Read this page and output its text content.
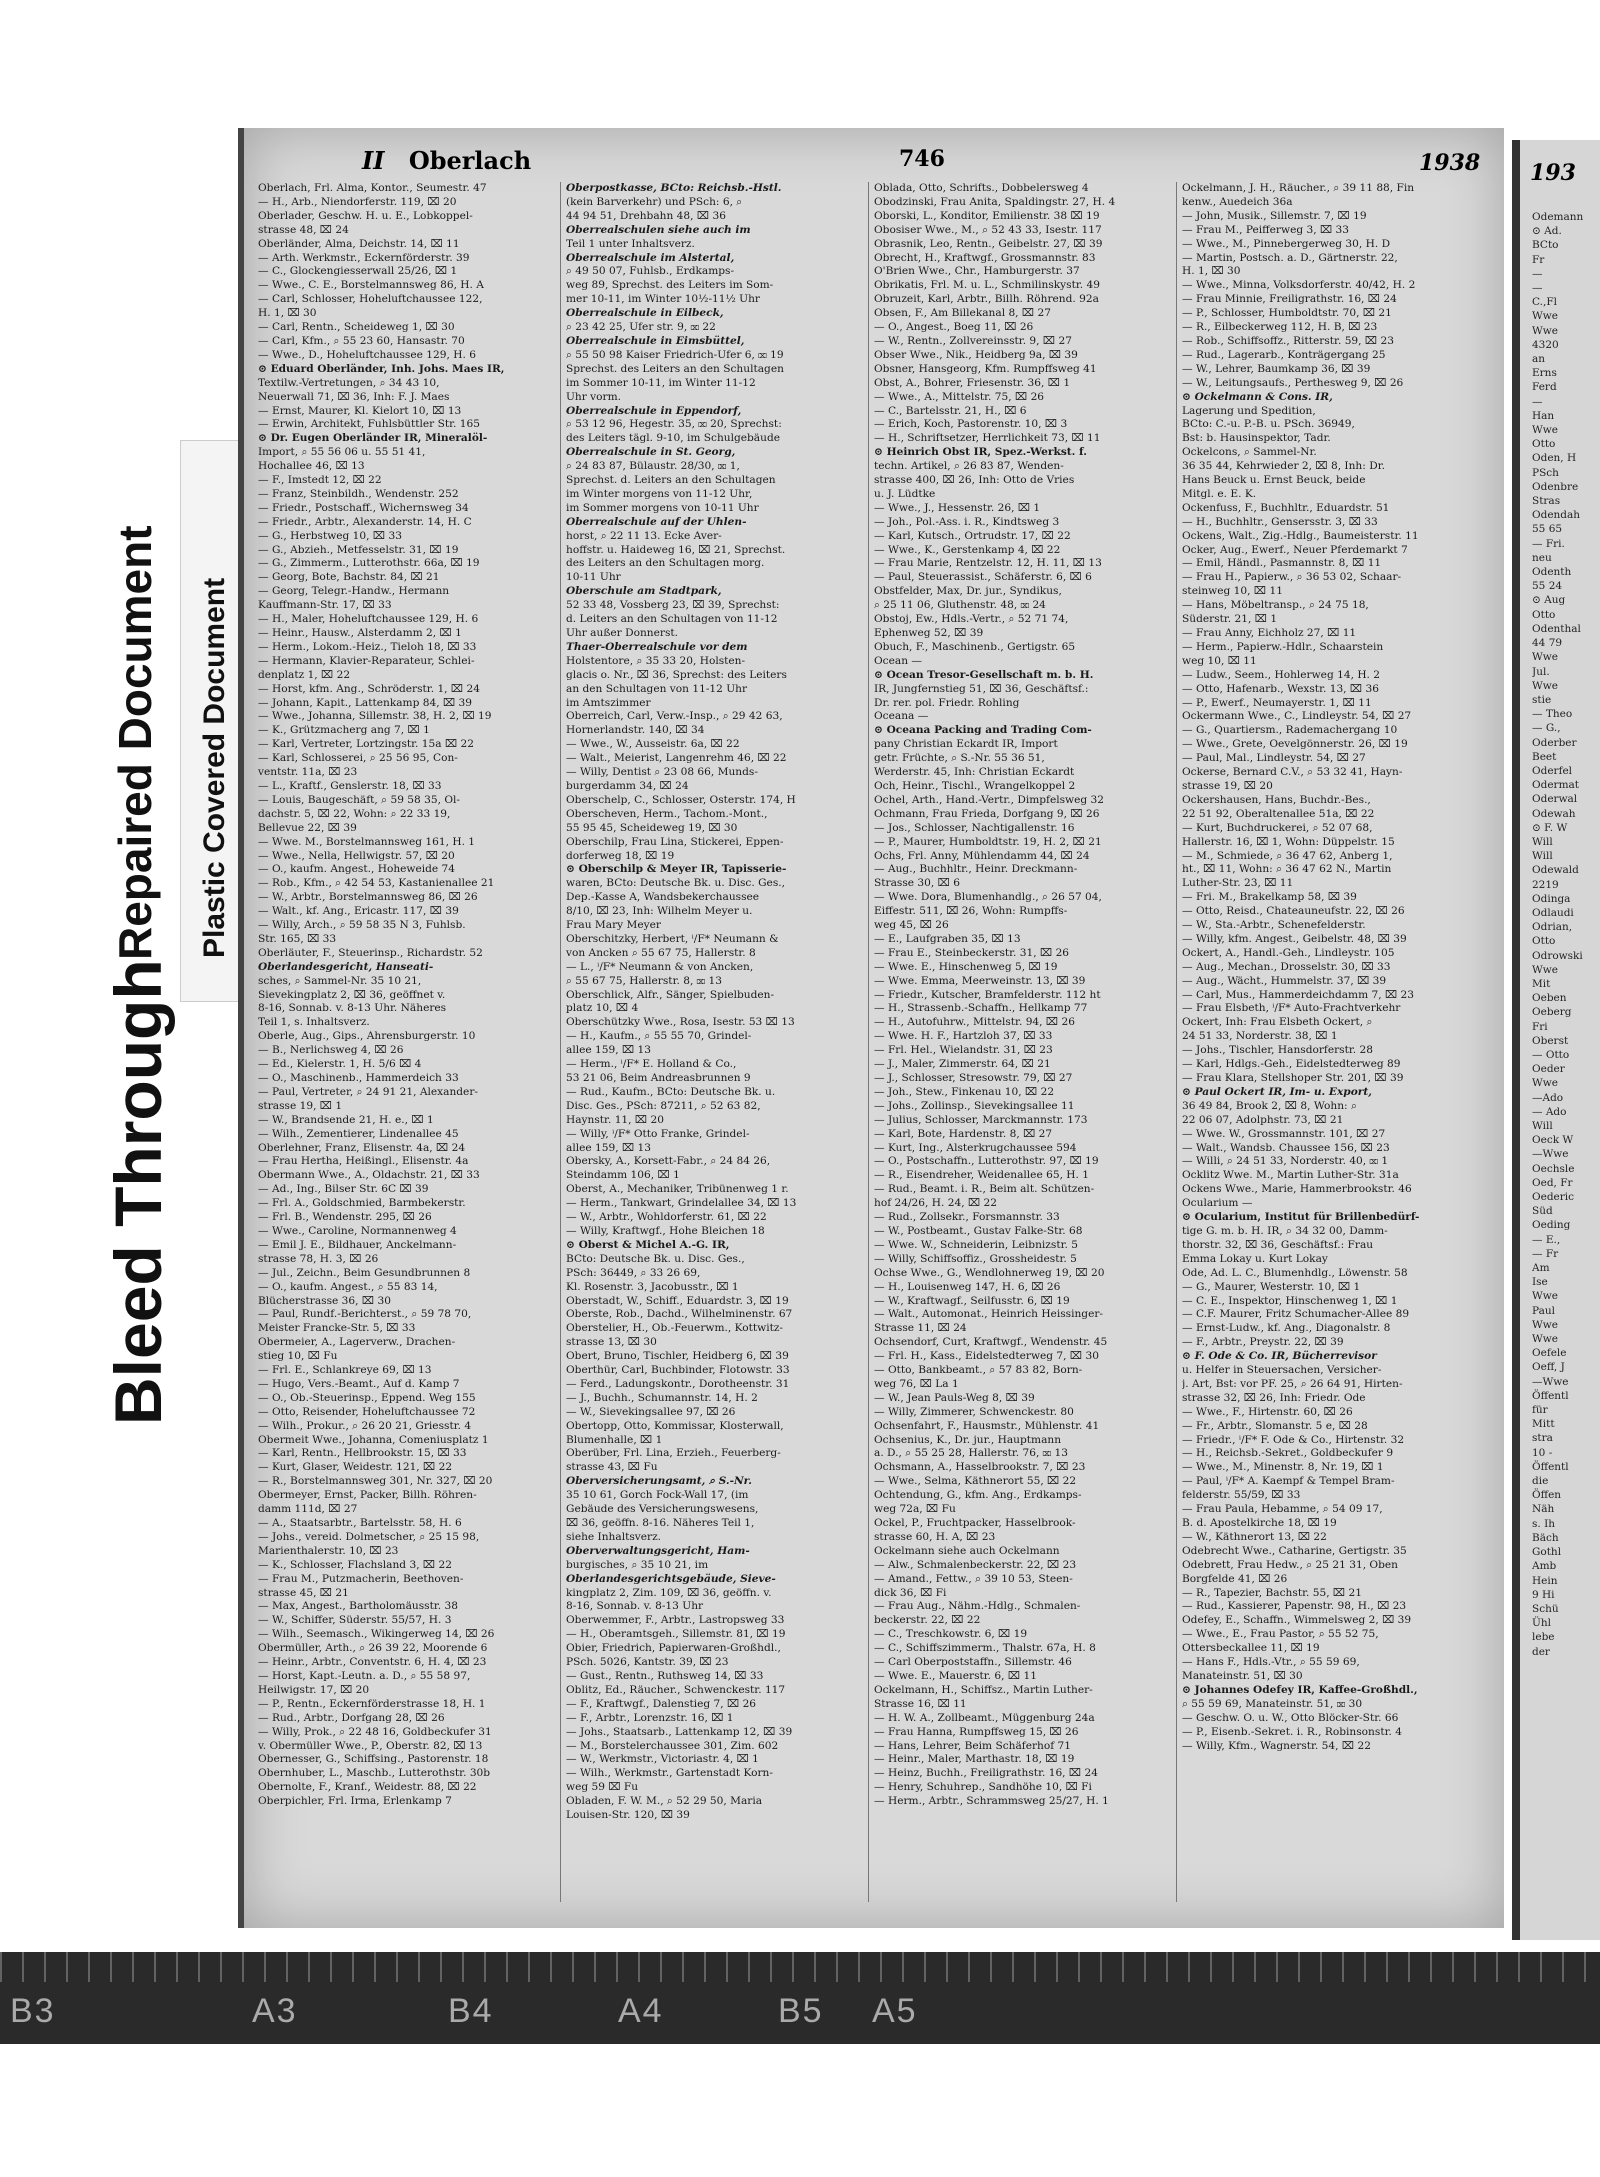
Bleed Through
Repaired Document Plastic Covered Document
II Oberlach	746	1938

Oberlach, Frl. Alma, Kontor., Seumestr. 47

— H., Arb., Niendorferstr. 119, ⌧ 20

Oberlader, Geschw. H. u. E., Lobkoppel-

strasse 48, ⌧ 24

Oberländer, Alma, Deichstr. 14, ⌧ 11

— Arth. Werkmstr., Eckernförderstr. 39

— C., Glockengiesserwall 25/26, ⌧ 1

— Wwe., C. E., Borstelmannsweg 86, H. A

— Carl, Schlosser, Hoheluftchaussee 122,

H. 1, ⌧ 30

— Carl, Rentn., Scheideweg 1, ⌧ 30

— Carl, Kfm., ⌕ 55 23 60, Hansastr. 70

— Wwe., D., Hoheluftchaussee 129, H. 6

⊙ Eduard Oberländer, Inh. Johs. Maes IR,

Textilw.-Vertretungen, ⌕ 34 43 10,

Neuerwall 71, ⌧ 36, Inh: F. J. Maes

— Ernst, Maurer, Kl. Kielort 10, ⌧ 13

— Erwin, Architekt, Fuhlsbüttler Str. 165

⊙ Dr. Eugen Oberländer IR, Mineralöl-

Import, ⌕ 55 56 06 u. 55 51 41,

Hochallee 46, ⌧ 13

— F., Imstedt 12, ⌧ 22

— Franz, Steinbildh., Wendenstr. 252

— Friedr., Postschaff., Wichernsweg 34

— Friedr., Arbtr., Alexanderstr. 14, H. C

— G., Herbstweg 10, ⌧ 33

— G., Abzieh., Metfesselstr. 31, ⌧ 19

— G., Zimmerm., Lutterothstr. 66a, ⌧ 19

— Georg, Bote, Bachstr. 84, ⌧ 21

— Georg, Telegr.-Handw., Hermann

Kauffmann-Str. 17, ⌧ 33

— H., Maler, Hoheluftchaussee 129, H. 6

— Heinr., Hausw., Alsterdamm 2, ⌧ 1

— Herm., Lokom.-Heiz., Tieloh 18, ⌧ 33

— Hermann, Klavier-Reparateur, Schlei-

denplatz 1, ⌧ 22

— Horst, kfm. Ang., Schröderstr. 1, ⌧ 24

— Johann, Kapit., Lattenkamp 84, ⌧ 39

— Wwe., Johanna, Sillemstr. 38, H. 2, ⌧ 19

— K., Grützmacherg ang 7, ⌧ 1

— Karl, Vertreter, Lortzingstr. 15a ⌧ 22

— Karl, Schlosserei, ⌕ 25 56 95, Con-

ventstr. 11a, ⌧ 23

— L., Kraftf., Genslerstr. 18, ⌧ 33

— Louis, Baugeschäft, ⌕ 59 58 35, Ol-

dachstr. 5, ⌧ 22, Wohn: ⌕ 22 33 19,

Bellevue 22, ⌧ 39

— Wwe. M., Borstelmannsweg 161, H. 1

— Wwe., Nella, Hellwigstr. 57, ⌧ 20

— O., kaufm. Angest., Hoheweide 74

— Rob., Kfm., ⌕ 42 54 53, Kastanienallee 21

— W., Arbtr., Borstelmannsweg 86, ⌧ 26

— Walt., kf. Ang., Ericastr. 117, ⌧ 39

— Willy, Arch., ⌕ 59 58 35 N 3, Fuhlsb.

Str. 165, ⌧ 33

Oberläuter, F., Steuerinsp., Richardstr. 52

Oberlandesgericht, Hanseati-

sches, ⌕ Sammel-Nr. 35 10 21,

Sievekingplatz 2, ⌧ 36, geöffnet v.

8-16, Sonnab. v. 8-13 Uhr. Näheres

Teil 1, s. Inhaltsverz.

Oberle, Aug., Gips., Ahrensburgerstr. 10

— B., Nerlichsweg 4, ⌧ 26

— Ed., Kielerstr. 1, H. 5/6 ⌧ 4

— O., Maschinenb., Hammerdeich 33

— Paul, Vertreter, ⌕ 24 91 21, Alexander-

strasse 19, ⌧ 1

— W., Brandsende 21, H. e., ⌧ 1

— Wilh., Zementierer, Lindenallee 45

Oberlehner, Franz, Elisenstr. 4a, ⌧ 24

— Frau Hertha, Heißingl., Elisenstr. 4a

Obermann Wwe., A., Oldachstr. 21, ⌧ 33

— Ad., Ing., Bilser Str. 6C ⌧ 39

— Frl. A., Goldschmied, Barmbekerstr.

— Frl. B., Wendenstr. 295, ⌧ 26

— Wwe., Caroline, Normannenweg 4

— Emil J. E., Bildhauer, Anckelmann-

strasse 78, H. 3, ⌧ 26

— Jul., Zeichn., Beim Gesundbrunnen 8

— O., kaufm. Angest., ⌕ 55 83 14,

Blücherstrasse 36, ⌧ 30

— Paul, Rundf.-Berichterst., ⌕ 59 78 70,

Meister Francke-Str. 5, ⌧ 33

Obermeier, A., Lagerverw., Drachen-

stieg 10, ⌧ Fu

— Frl. E., Schlankreye 69, ⌧ 13

— Hugo, Vers.-Beamt., Auf d. Kamp 7

— O., Ob.-Steuerinsp., Eppend. Weg 155

— Otto, Reisender, Hoheluftchaussee 72

— Wilh., Prokur., ⌕ 26 20 21, Griesstr. 4

Obermeit Wwe., Johanna, Comeniusplatz 1

— Karl, Rentn., Hellbrookstr. 15, ⌧ 33

— Kurt, Glaser, Weidestr. 121, ⌧ 22

— R., Borstelmannsweg 301, Nr. 327, ⌧ 20

Obermeyer, Ernst, Packer, Billh. Röhren-

damm 111d, ⌧ 27

— A., Staatsarbtr., Bartelsstr. 58, H. 6

— Johs., vereid. Dolmetscher, ⌕ 25 15 98,

Marienthalerstr. 10, ⌧ 23

— K., Schlosser, Flachsland 3, ⌧ 22

— Frau M., Putzmacherin, Beethoven-

strasse 45, ⌧ 21

— Max, Angest., Bartholomäusstr. 38

— W., Schiffer, Süderstr. 55/57, H. 3

— Wilh., Seemasch., Wikingerweg 14, ⌧ 26

Obermüller, Arth., ⌕ 26 39 22, Moorende 6

— Heinr., Arbtr., Conventstr. 6, H. 4, ⌧ 23

— Horst, Kapt.-Leutn. a. D., ⌕ 55 58 97,

Heilwigstr. 17, ⌧ 20

— P., Rentn., Eckernförderstrasse 18, H. 1

— Rud., Arbtr., Dorfgang 28, ⌧ 26

— Willy, Prok., ⌕ 22 48 16, Goldbeckufer 31

v. Obermüller Wwe., P., Oberstr. 82, ⌧ 13

Obernesser, G., Schiffsing., Pastorenstr. 18

Obernhuber, L., Maschb., Lutterothstr. 30b

Obernolte, F., Kranf., Weidestr. 88, ⌧ 22

Oberpichler, Frl. Irma, Erlenkamp 7

Oberpostkasse, BCto: Reichsb.-Hstl.

(kein Barverkehr) und PSch: 6, ⌕

44 94 51, Drehbahn 48, ⌧ 36

Oberrealschulen siehe auch im

Teil 1 unter Inhaltsverz.

Oberrealschule im Alstertal,

⌕ 49 50 07, Fuhlsb., Erdkamps-

weg 89, Sprechst. des Leiters im Som-

mer 10-11, im Winter 10½-11½ Uhr

Oberrealschule in Eilbeck,

⌕ 23 42 25, Ufer str. 9, ⌧ 22

Oberrealschule in Eimsbüttel,

⌕ 55 50 98 Kaiser Friedrich-Ufer 6, ⌧ 19

Sprechst. des Leiters an den Schultagen

im Sommer 10-11, im Winter 11-12

Uhr vorm.

Oberrealschule in Eppendorf,

⌕ 53 12 96, Hegestr. 35, ⌧ 20, Sprechst:

des Leiters tägl. 9-10, im Schulgebäude

Oberrealschule in St. Georg,

⌕ 24 83 87, Bülaustr. 28/30, ⌧ 1,

Sprechst. d. Leiters an den Schultagen

im Winter morgens von 11-12 Uhr,

im Sommer morgens von 10-11 Uhr

Oberrealschule auf der Uhlen-

horst, ⌕ 22 11 13. Ecke Aver-

hoffstr. u. Haideweg 16, ⌧ 21, Sprechst.

des Leiters an den Schultagen morg.

10-11 Uhr

Oberschule am Stadtpark,

52 33 48, Vossberg 23, ⌧ 39, Sprechst:

d. Leiters an den Schultagen von 11-12

Uhr außer Donnerst.

Thaer-Oberrealschule vor dem

Holstentore, ⌕ 35 33 20, Holsten-

glacis o. Nr., ⌧ 36, Sprechst: des Leiters

an den Schultagen von 11-12 Uhr

im Amtszimmer

Oberreich, Carl, Verw.-Insp., ⌕ 29 42 63,

Hornerlandstr. 140, ⌧ 34

— Wwe., W., Ausseistr. 6a, ⌧ 22

— Walt., Meierist, Langenrehm 46, ⌧ 22

— Willy, Dentist ⌕ 23 08 66, Munds-

burgerdamm 34, ⌧ 24

Oberschelp, C., Schlosser, Osterstr. 174, H

Oberscheven, Herm., Tachom.-Mont.,

55 95 45, Scheideweg 19, ⌧ 30

Oberschilp, Frau Lina, Stickerei, Eppen-

dorferweg 18, ⌧ 19

⊙ Oberschilp & Meyer IR, Tapisserie-

waren, BCto: Deutsche Bk. u. Disc. Ges.,

Dep.-Kasse A, Wandsbekerchaussee

8/10, ⌧ 23, Inh: Wilhelm Meyer u.

Frau Mary Meyer

Oberschitzky, Herbert, ⁱ/F* Neumann &

von Ancken ⌕ 55 67 75, Hallerstr. 8

— L., ⁱ/F* Neumann & von Ancken,

⌕ 55 67 75, Hallerstr. 8, ⌧ 13

Oberschlick, Alfr., Sänger, Spielbuden-

platz 10, ⌧ 4

Oberschützky Wwe., Rosa, Isestr. 53 ⌧ 13

— H., Kaufm., ⌕ 55 55 70, Grindel-

allee 159, ⌧ 13

— Herm., ⁱ/F* E. Holland & Co.,

53 21 06, Beim Andreasbrunnen 9

— Rud., Kaufm., BCto: Deutsche Bk. u.

Disc. Ges., PSch: 87211, ⌕ 52 63 82,

Haynstr. 11, ⌧ 20

— Willy, ⁱ/F* Otto Franke, Grindel-

allee 159, ⌧ 13

Obersky, A., Korsett-Fabr., ⌕ 24 84 26,

Steindamm 106, ⌧ 1

Oberst, A., Mechaniker, Tribünenweg 1 r.

— Herm., Tankwart, Grindelallee 34, ⌧ 13

— W., Arbtr., Wohldorferstr. 61, ⌧ 22

— Willy, Kraftwgf., Hohe Bleichen 18

⊙ Oberst & Michel A.-G. IR,

BCto: Deutsche Bk. u. Disc. Ges.,

PSch: 36449, ⌕ 33 26 69,

Kl. Rosenstr. 3, Jacobusstr., ⌧ 1

Oberstadt, W., Schiff., Eduardstr. 3, ⌧ 19

Oberste, Rob., Dachd., Wilhelminenstr. 67

Oberstelier, H., Ob.-Feuerwm., Kottwitz-

strasse 13, ⌧ 30

Obert, Bruno, Tischler, Heidberg 6, ⌧ 39

Oberthür, Carl, Buchbinder, Flotowstr. 33

— Ferd., Ladungskontr., Dorotheenstr. 31

— J., Buchh., Schumannstr. 14, H. 2

— W., Sievekingsallee 97, ⌧ 26

Obertopp, Otto, Kommissar, Klosterwall,

Blumenhalle, ⌧ 1

Oberüber, Frl. Lina, Erzieh., Feuerberg-

strasse 43, ⌧ Fu

Oberversicherungsamt, ⌕ S.-Nr.

35 10 61, Gorch Fock-Wall 17, (im

Gebäude des Versicherungswesens,

⌧ 36, geöffn. 8-16. Näheres Teil 1,

siehe Inhaltsverz.

Oberverwaltungsgericht, Ham-

burgisches, ⌕ 35 10 21, im

Oberlandesgerichtsgebäude, Sieve-

kingplatz 2, Zim. 109, ⌧ 36, geöffn. v.

8-16, Sonnab. v. 8-13 Uhr

Oberwemmer, F., Arbtr., Lastropsweg 33

— H., Oberamtsgeh., Sillemstr. 81, ⌧ 19

Obier, Friedrich, Papierwaren-Großhdl.,

PSch. 5026, Kantstr. 39, ⌧ 23

— Gust., Rentn., Ruthsweg 14, ⌧ 33

Oblitz, Ed., Räucher., Schwenckestr. 117

— F., Kraftwgf., Dalenstieg 7, ⌧ 26

— F., Arbtr., Lorenzstr. 16, ⌧ 1

— Johs., Staatsarb., Lattenkamp 12, ⌧ 39

— M., Borstelerchaussee 301, Zim. 602

— W., Werkmstr., Victoriastr. 4, ⌧ 1

— Wilh., Werkmstr., Gartenstadt Korn-

weg 59 ⌧ Fu

Obladen, F. W. M., ⌕ 52 29 50, Maria

Louisen-Str. 120, ⌧ 39

Oblada, Otto, Schrifts., Dobbelersweg 4

Obodzinski, Frau Anita, Spaldingstr. 27, H. 4

Oborski, L., Konditor, Emilienstr. 38 ⌧ 19

Obosiser Wwe., M., ⌕ 52 43 33, Isestr. 117

Obrasnik, Leo, Rentn., Geibelstr. 27, ⌧ 39

Obrecht, H., Kraftwgf., Grossmannstr. 83

O'Brien Wwe., Chr., Hamburgerstr. 37

Obrikatis, Frl. M. u. L., Schmilinskystr. 49

Obruzeit, Karl, Arbtr., Billh. Röhrend. 92a

Obsen, F., Am Billekanal 8, ⌧ 27

— O., Angest., Boeg 11, ⌧ 26

— W., Rentn., Zollvereinsstr. 9, ⌧ 27

Obser Wwe., Nik., Heidberg 9a, ⌧ 39

Obsner, Hansgeorg, Kfm. Rumpffsweg 41

Obst, A., Bohrer, Friesenstr. 36, ⌧ 1

— Wwe., A., Mittelstr. 75, ⌧ 26

— C., Bartelsstr. 21, H., ⌧ 6

— Erich, Koch, Pastorenstr. 10, ⌧ 3

— H., Schriftsetzer, Herrlichkeit 73, ⌧ 11

⊙ Heinrich Obst IR, Spez.-Werkst. f.

techn. Artikel, ⌕ 26 83 87, Wenden-

strasse 400, ⌧ 26, Inh: Otto de Vries

u. J. Lüdtke

— Wwe., J., Hessenstr. 26, ⌧ 1

— Joh., Pol.-Ass. i. R., Kindtsweg 3

— Karl, Kutsch., Ortrudstr. 17, ⌧ 22

— Wwe., K., Gerstenkamp 4, ⌧ 22

— Frau Marie, Rentzelstr. 12, H. 11, ⌧ 13

— Paul, Steuerassist., Schäferstr. 6, ⌧ 6

Obstfelder, Max, Dr. jur., Syndikus,

⌕ 25 11 06, Gluthenstr. 48, ⌧ 24

Obstoj, Ew., Hdls.-Vertr., ⌕ 52 71 74,

Ephenweg 52, ⌧ 39

Obuch, F., Maschinenb., Gertigstr. 65

Ocean —

⊙ Ocean Tresor-Gesellschaft m. b. H.

IR, Jungfernstieg 51, ⌧ 36, Geschäftsf.:

Dr. rer. pol. Friedr. Rohling

Oceana —

⊙ Oceana Packing and Trading Com-

pany Christian Eckardt IR, Import

getr. Früchte, ⌕ S.-Nr. 55 36 51,

Werderstr. 45, Inh: Christian Eckardt

Och, Heinr., Tischl., Wrangelkoppel 2

Ochel, Arth., Hand.-Vertr., Dimpfelsweg 32

Ochmann, Frau Frieda, Dorfgang 9, ⌧ 26

— Jos., Schlosser, Nachtigallenstr. 16

— P., Maurer, Humboldtstr. 19, H. 2, ⌧ 21

Ochs, Frl. Anny, Mühlendamm 44, ⌧ 24

— Aug., Buchhltr., Heinr. Dreckmann-

Strasse 30, ⌧ 6

— Wwe. Dora, Blumenhandlg., ⌕ 26 57 04,

Eiffestr. 511, ⌧ 26, Wohn: Rumpffs-

weg 45, ⌧ 26

— E., Laufgraben 35, ⌧ 13

— Frau E., Steinbeckerstr. 31, ⌧ 26

— Wwe. E., Hinschenweg 5, ⌧ 19

— Wwe. Emma, Meerweinstr. 13, ⌧ 39

— Friedr., Kutscher, Bramfelderstr. 112 ht

— H., Strassenb.-Schaffn., Hellkamp 77

— H., Autofuhrw., Mittelstr. 94, ⌧ 26

— Wwe. H. F., Hartzloh 37, ⌧ 33

— Frl. Hel., Wielandstr. 31, ⌧ 23

— J., Maler, Zimmerstr. 64, ⌧ 21

— J., Schlosser, Stresowstr. 79, ⌧ 27

— Joh., Stew., Finkenau 10, ⌧ 22

— Johs., Zollinsp., Sievekingsallee 11

— Julius, Schlosser, Marckmannstr. 173

— Karl, Bote, Hardenstr. 8, ⌧ 27

— Kurt, Ing., Alsterkrugchaussee 594

— O., Postschaffn., Lutterothstr. 97, ⌧ 19

— R., Eisendreher, Weidenallee 65, H. 1

— Rud., Beamt. i. R., Beim alt. Schützen-

hof 24/26, H. 24, ⌧ 22

— Rud., Zollsekr., Forsmannstr. 33

— W., Postbeamt., Gustav Falke-Str. 68

— Wwe. W., Schneiderin, Leibnizstr. 5

— Willy, Schiffsoffiz., Grossheidestr. 5

Ochse Wwe., G., Wendlohnerweg 19, ⌧ 20

— H., Louisenweg 147, H. 6, ⌧ 26

— W., Kraftwagf., Seilfusstr. 6, ⌧ 19

— Walt., Automonat., Heinrich Heissinger-

Strasse 11, ⌧ 24

Ochsendorf, Curt, Kraftwgf., Wendenstr. 45

— Frl. H., Kass., Eidelstedterweg 7, ⌧ 30

— Otto, Bankbeamt., ⌕ 57 83 82, Born-

weg 76, ⌧ La 1

— W., Jean Pauls-Weg 8, ⌧ 39

— Willy, Zimmerer, Schwenckestr. 80

Ochsenfahrt, F., Hausmstr., Mühlenstr. 41

Ochsenius, K., Dr. jur., Hauptmann

a. D., ⌕ 55 25 28, Hallerstr. 76, ⌧ 13

Ochsmann, A., Hasselbrookstr. 7, ⌧ 23

— Wwe., Selma, Käthnerort 55, ⌧ 22

Ochtendung, G., kfm. Ang., Erdkamps-

weg 72a, ⌧ Fu

Ockel, P., Fruchtpacker, Hasselbrook-

strasse 60, H. A, ⌧ 23

Ockelmann siehe auch Ockelmann

— Alw., Schmalenbeckerstr. 22, ⌧ 23

— Amand., Fettw., ⌕ 39 10 53, Steen-

dick 36, ⌧ Fi

— Frau Aug., Nähm.-Hdlg., Schmalen-

beckerstr. 22, ⌧ 22

— C., Treschkowstr. 6, ⌧ 19

— C., Schiffszimmerm., Thalstr. 67a, H. 8

— Carl Oberpoststaffn., Sillemstr. 46

— Wwe. E., Mauerstr. 6, ⌧ 11

Ockelmann, H., Schiffsz., Martin Luther-

Strasse 16, ⌧ 11

— H. W. A., Zollbeamt., Müggenburg 24a

— Frau Hanna, Rumpffsweg 15, ⌧ 26

— Hans, Lehrer, Beim Schäferhof 71

— Heinr., Maler, Marthastr. 18, ⌧ 19

— Heinz, Buchh., Freiligrathstr. 16, ⌧ 24

— Henry, Schuhrep., Sandhöhe 10, ⌧ Fi

— Herm., Arbtr., Schrammsweg 25/27, H. 1

Ockelmann, J. H., Räucher., ⌕ 39 11 88, Fin

kenw., Auedeich 36a

— John, Musik., Sillemstr. 7, ⌧ 19

— Frau M., Peifferweg 3, ⌧ 33

— Wwe., M., Pinnebergerweg 30, H. D

— Martin, Postsch. a. D., Gärtnerstr. 22,

H. 1, ⌧ 30

— Wwe., Minna, Volksdorferstr. 40/42, H. 2

— Frau Minnie, Freiligrathstr. 16, ⌧ 24

— P., Schlosser, Humboldtstr. 70, ⌧ 21

— R., Eilbeckerweg 112, H. B, ⌧ 23

— Rob., Schiffsoffz., Ritterstr. 59, ⌧ 23

— Rud., Lagerarb., Konträgergang 25

— W., Lehrer, Baumkamp 36, ⌧ 39

— W., Leitungsaufs., Perthesweg 9, ⌧ 26

⊙ Ockelmann & Cons. IR,

Lagerung und Spedition,

BCto: C.-u. P.-B. u. PSch. 36949,

Bst: b. Hausinspektor, Tadr.

Ockelcons, ⌕ Sammel-Nr.

36 35 44, Kehrwieder 2, ⌧ 8, Inh: Dr.

Hans Beuck u. Ernst Beuck, beide

Mitgl. e. E. K.

Ockenfuss, F., Buchhltr., Eduardstr. 51

— H., Buchhltr., Gensersstr. 3, ⌧ 33

Ockens, Walt., Zig.-Hdlg., Baumeisterstr. 11

Ocker, Aug., Ewerf., Neuer Pferdemarkt 7

— Emil, Händl., Pasmannstr. 8, ⌧ 11

— Frau H., Papierw., ⌕ 36 53 02, Schaar-

steinweg 10, ⌧ 11

— Hans, Möbeltransp., ⌕ 24 75 18,

Süderstr. 21, ⌧ 1

— Frau Anny, Eichholz 27, ⌧ 11

— Herm., Papierw.-Hdlr., Schaarstein

weg 10, ⌧ 11

— Ludw., Seem., Hohlerweg 14, H. 2

— Otto, Hafenarb., Wexstr. 13, ⌧ 36

— P., Ewerf., Neumayerstr. 1, ⌧ 11

Ockermann Wwe., C., Lindleystr. 54, ⌧ 27

— G., Quartiersm., Rademachergang 10

— Wwe., Grete, Oevelgönnerstr. 26, ⌧ 19

— Paul, Mal., Lindleystr. 54, ⌧ 27

Ockerse, Bernard C.V., ⌕ 53 32 41, Hayn-

strasse 19, ⌧ 20

Ockershausen, Hans, Buchdr.-Bes.,

22 51 92, Oberaltenallee 51a, ⌧ 22

— Kurt, Buchdruckerei, ⌕ 52 07 68,

Hallerstr. 16, ⌧ 1, Wohn: Düppelstr. 15

— M., Schmiede, ⌕ 36 47 62, Anberg 1,

ht., ⌧ 11, Wohn: ⌕ 36 47 62 N., Martin

Luther-Str. 23, ⌧ 11

— Fri. M., Brakelkamp 58, ⌧ 39

— Otto, Reisd., Chateauneufstr. 22, ⌧ 26

— W., Sta.-Arbtr., Schenefelderstr.

— Willy, kfm. Angest., Geibelstr. 48, ⌧ 39

Ockert, A., Handl.-Geh., Lindleystr. 105

— Aug., Mechan., Drosselstr. 30, ⌧ 33

— Aug., Wächt., Hummelstr. 37, ⌧ 39

— Carl, Mus., Hammerdeichdamm 7, ⌧ 23

— Frau Elsbeth, ⁱ/F* Auto-Frachtverkehr

Ockert, Inh: Frau Elsbeth Ockert, ⌕

24 51 33, Norderstr. 38, ⌧ 1

— Johs., Tischler, Hansdorferstr. 28

— Karl, Hdlgs.-Geh., Eidelstedterweg 89

— Frau Klara, Stellshoper Str. 201, ⌧ 39

⊙ Paul Ockert IR, Im- u. Export,

36 49 84, Brook 2, ⌧ 8, Wohn: ⌕

22 06 07, Adolphstr. 73, ⌧ 21

— Wwe. W., Grossmannstr. 101, ⌧ 27

— Walt., Wandsb. Chaussee 156, ⌧ 23

— Willi, ⌕ 24 51 33, Norderstr. 40, ⌧ 1

Ocklitz Wwe. M., Martin Luther-Str. 31a

Ockens Wwe., Marie, Hammerbrookstr. 46

Ocularium —

⊙ Ocularium, Institut für Brillenbedürf-

tige G. m. b. H. IR, ⌕ 34 32 00, Damm-

thorstr. 32, ⌧ 36, Geschäftsf.: Frau

Emma Lokay u. Kurt Lokay

Ode, Ad. L. C., Blumenhdlg., Löwenstr. 58

— G., Maurer, Westerstr. 10, ⌧ 1

— C. E., Inspektor, Hinschenweg 1, ⌧ 1

— C.F. Maurer, Fritz Schumacher-Allee 89

— Ernst-Ludw., kf. Ang., Diagonalstr. 8

— F., Arbtr., Preystr. 22, ⌧ 39

⊙ F. Ode & Co. IR, Bücherrevisor

u. Helfer in Steuersachen, Versicher-

j. Art, Bst: vor PF. 25, ⌕ 26 64 91, Hirten-

strasse 32, ⌧ 26, Inh: Friedr. Ode

— Wwe., F., Hirtenstr. 60, ⌧ 26

— Fr., Arbtr., Slomanstr. 5 e, ⌧ 28

— Friedr., ⁱ/F* F. Ode & Co., Hirtenstr. 32

— H., Reichsb.-Sekret., Goldbeckufer 9

— Wwe., M., Minenstr. 8, Nr. 19, ⌧ 1

— Paul, ⁱ/F* A. Kaempf & Tempel Bram-

felderstr. 55/59, ⌧ 33

— Frau Paula, Hebamme, ⌕ 54 09 17,

B. d. Apostelkirche 18, ⌧ 19

— W., Käthnerort 13, ⌧ 22

Odebrecht Wwe., Catharine, Gertigstr. 35

Odebrett, Frau Hedw., ⌕ 25 21 31, Oben

Borgfelde 41, ⌧ 26

— R., Tapezier, Bachstr. 55, ⌧ 21

— Rud., Kassierer, Papenstr. 98, H., ⌧ 23

Odefey, E., Schaffn., Wimmelsweg 2, ⌧ 39

— Wwe., E., Frau Pastor, ⌕ 55 52 75,

Ottersbeckallee 11, ⌧ 19

— Hans F., Hdls.-Vtr., ⌕ 55 59 69,

Manateinstr. 51, ⌧ 30

⊙ Johannes Odefey IR, Kaffee-Großhdl.,

⌕ 55 59 69, Manateinstr. 51, ⌧ 30

— Geschw. O. u. W., Otto Blöcker-Str. 66

— P., Eisenb.-Sekret. i. R., Robinsonstr. 4

— Willy, Kfm., Wagnerstr. 54, ⌧ 22

193
Odemann
⊙ Ad.
BCto
Fr
—
—
C.,Fl
Wwe
Wwe
4320
an
Erns
Ferd
—
Han
Wwe
Otto
Oden, H
PSch
Odenbre
Stras
Odendah
55 65
— Fri.
neu
Odenth
55 24
⊙ Aug
Otto
Odenthal
44 79
Wwe
Jul.
Wwe
stie
— Theo
— G.,
Oderber
Beet
Oderfel
Odermat
Oderwal
Odewah
⊙ F. W
Will
Will
Odewald
2219
Odinga
Odlaudi
Odrian,
Otto
Odrowski
Wwe
Mit
Oeben
Oeberg
Fri
Oberst
— Otto
Oeder
Wwe
—Ado
— Ado
Will
Oeck W
—Wwe
Oechsle
Oed, Fr
Oederic
Süd
Oeding
— E.,
— Fr
Am
Ise
Wwe
Paul
Wwe
Wwe
Oefele
Oeff, J
—Wwe
Öffentl
für
Mitt
stra
10 -
Öffentl
die
Öffen
Näh
s. Ih
Bäch
Gothl
Amb
Hein
9 Hi
Schü
Ühl
lebe
der
B3	A3	B4	A4	B5 A5
